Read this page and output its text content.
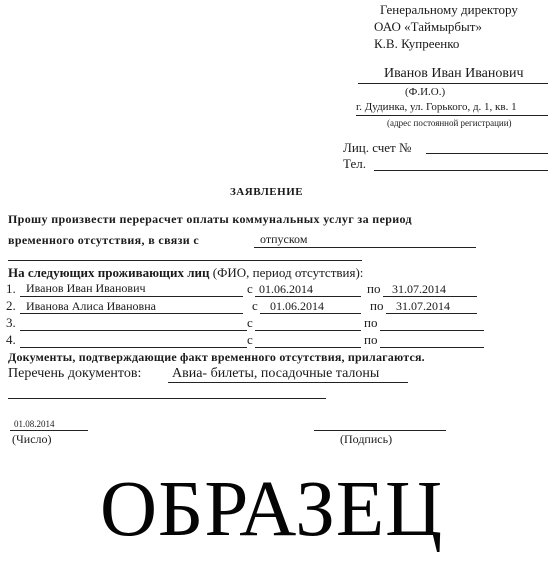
Генеральному директору
ОАО «Таймырбыт»
К.В. Купреенко
Иванов Иван Иванович
(Ф.И.О.)
г. Дудинка, ул. Горького, д. 1, кв. 1
(адрес постоянной регистрации)
Лиц. счет №
Тел.
ЗАЯВЛЕНИЕ
Прошу произвести перерасчет оплаты коммунальных услуг за период
временного отсутствия, в связи с	отпуском
На следующих проживающих лиц (ФИО, период отсутствия):
1. Иванов Иван Иванович	с 01.06.2014	по 31.07.2014
2. Иванова Алиса Ивановна	с 01.06.2014	по 31.07.2014
3.	с	по
4.	с	по
Документы, подтверждающие факт временного отсутствия, прилагаются.
Перечень документов: Авиа- билеты, посадочные талоны
01.08.2014
(Число)	(Подпись)
ОБРАЗЕЦ
